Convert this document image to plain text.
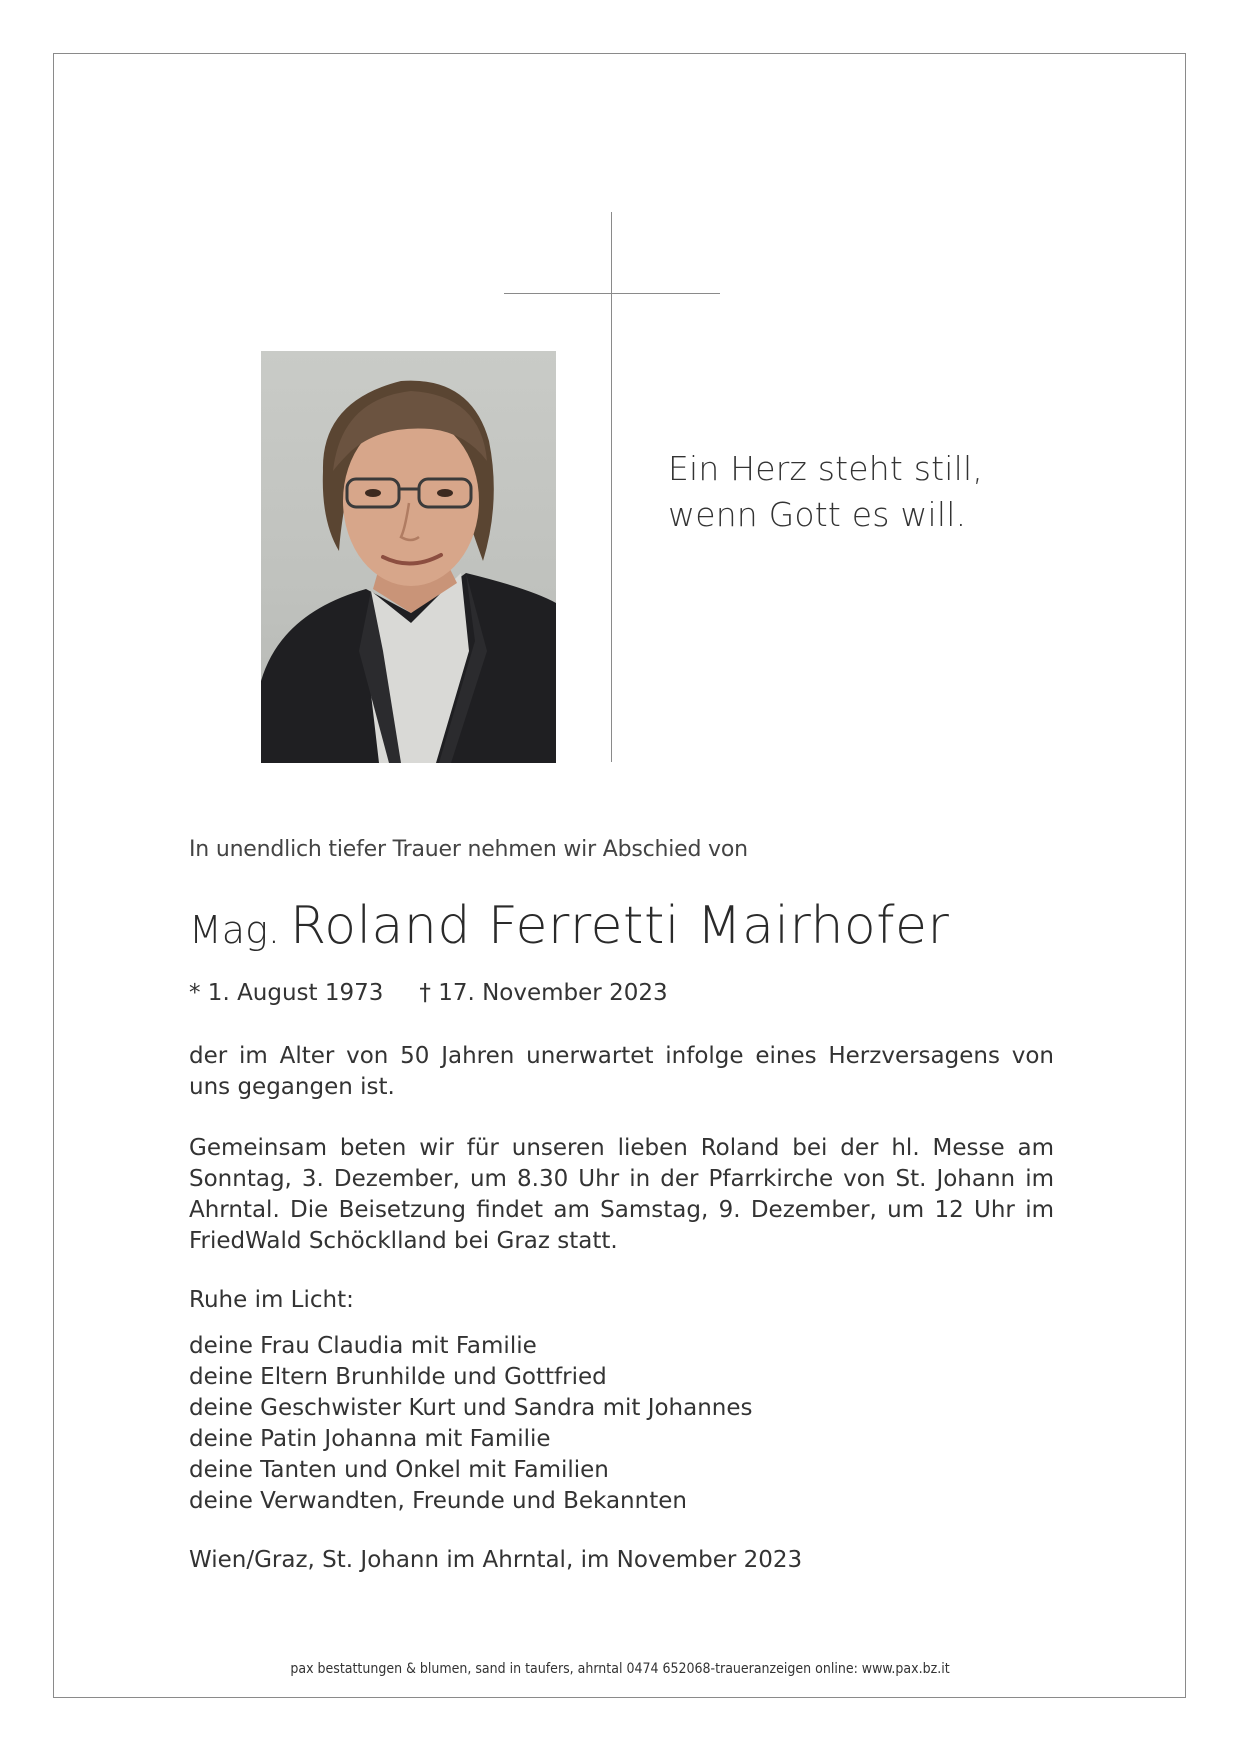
Ein Herz steht still,
wenn Gott es will.
In unendlich tiefer Trauer nehmen wir Abschied von
Mag. Roland Ferretti Mairhofer
* 1. August 1973 † 17. November 2023
der im Alter von 50 Jahren unerwartet infolge eines Herzversagens von uns gegangen ist.
Gemeinsam beten wir für unseren lieben Roland bei der hl. Messe am Sonntag, 3. Dezember, um 8.30 Uhr in der Pfarrkirche von St. Johann im Ahrntal. Die Beisetzung findet am Samstag, 9. Dezember, um 12 Uhr im FriedWald Schöcklland bei Graz statt.
Ruhe im Licht:
deine Frau Claudia mit Familie
deine Eltern Brunhilde und Gottfried
deine Geschwister Kurt und Sandra mit Johannes
deine Patin Johanna mit Familie
deine Tanten und Onkel mit Familien
deine Verwandten, Freunde und Bekannten
Wien/Graz, St. Johann im Ahrntal, im November 2023
pax bestattungen & blumen, sand in taufers, ahrntal 0474 652068-traueranzeigen online: www.pax.bz.it
